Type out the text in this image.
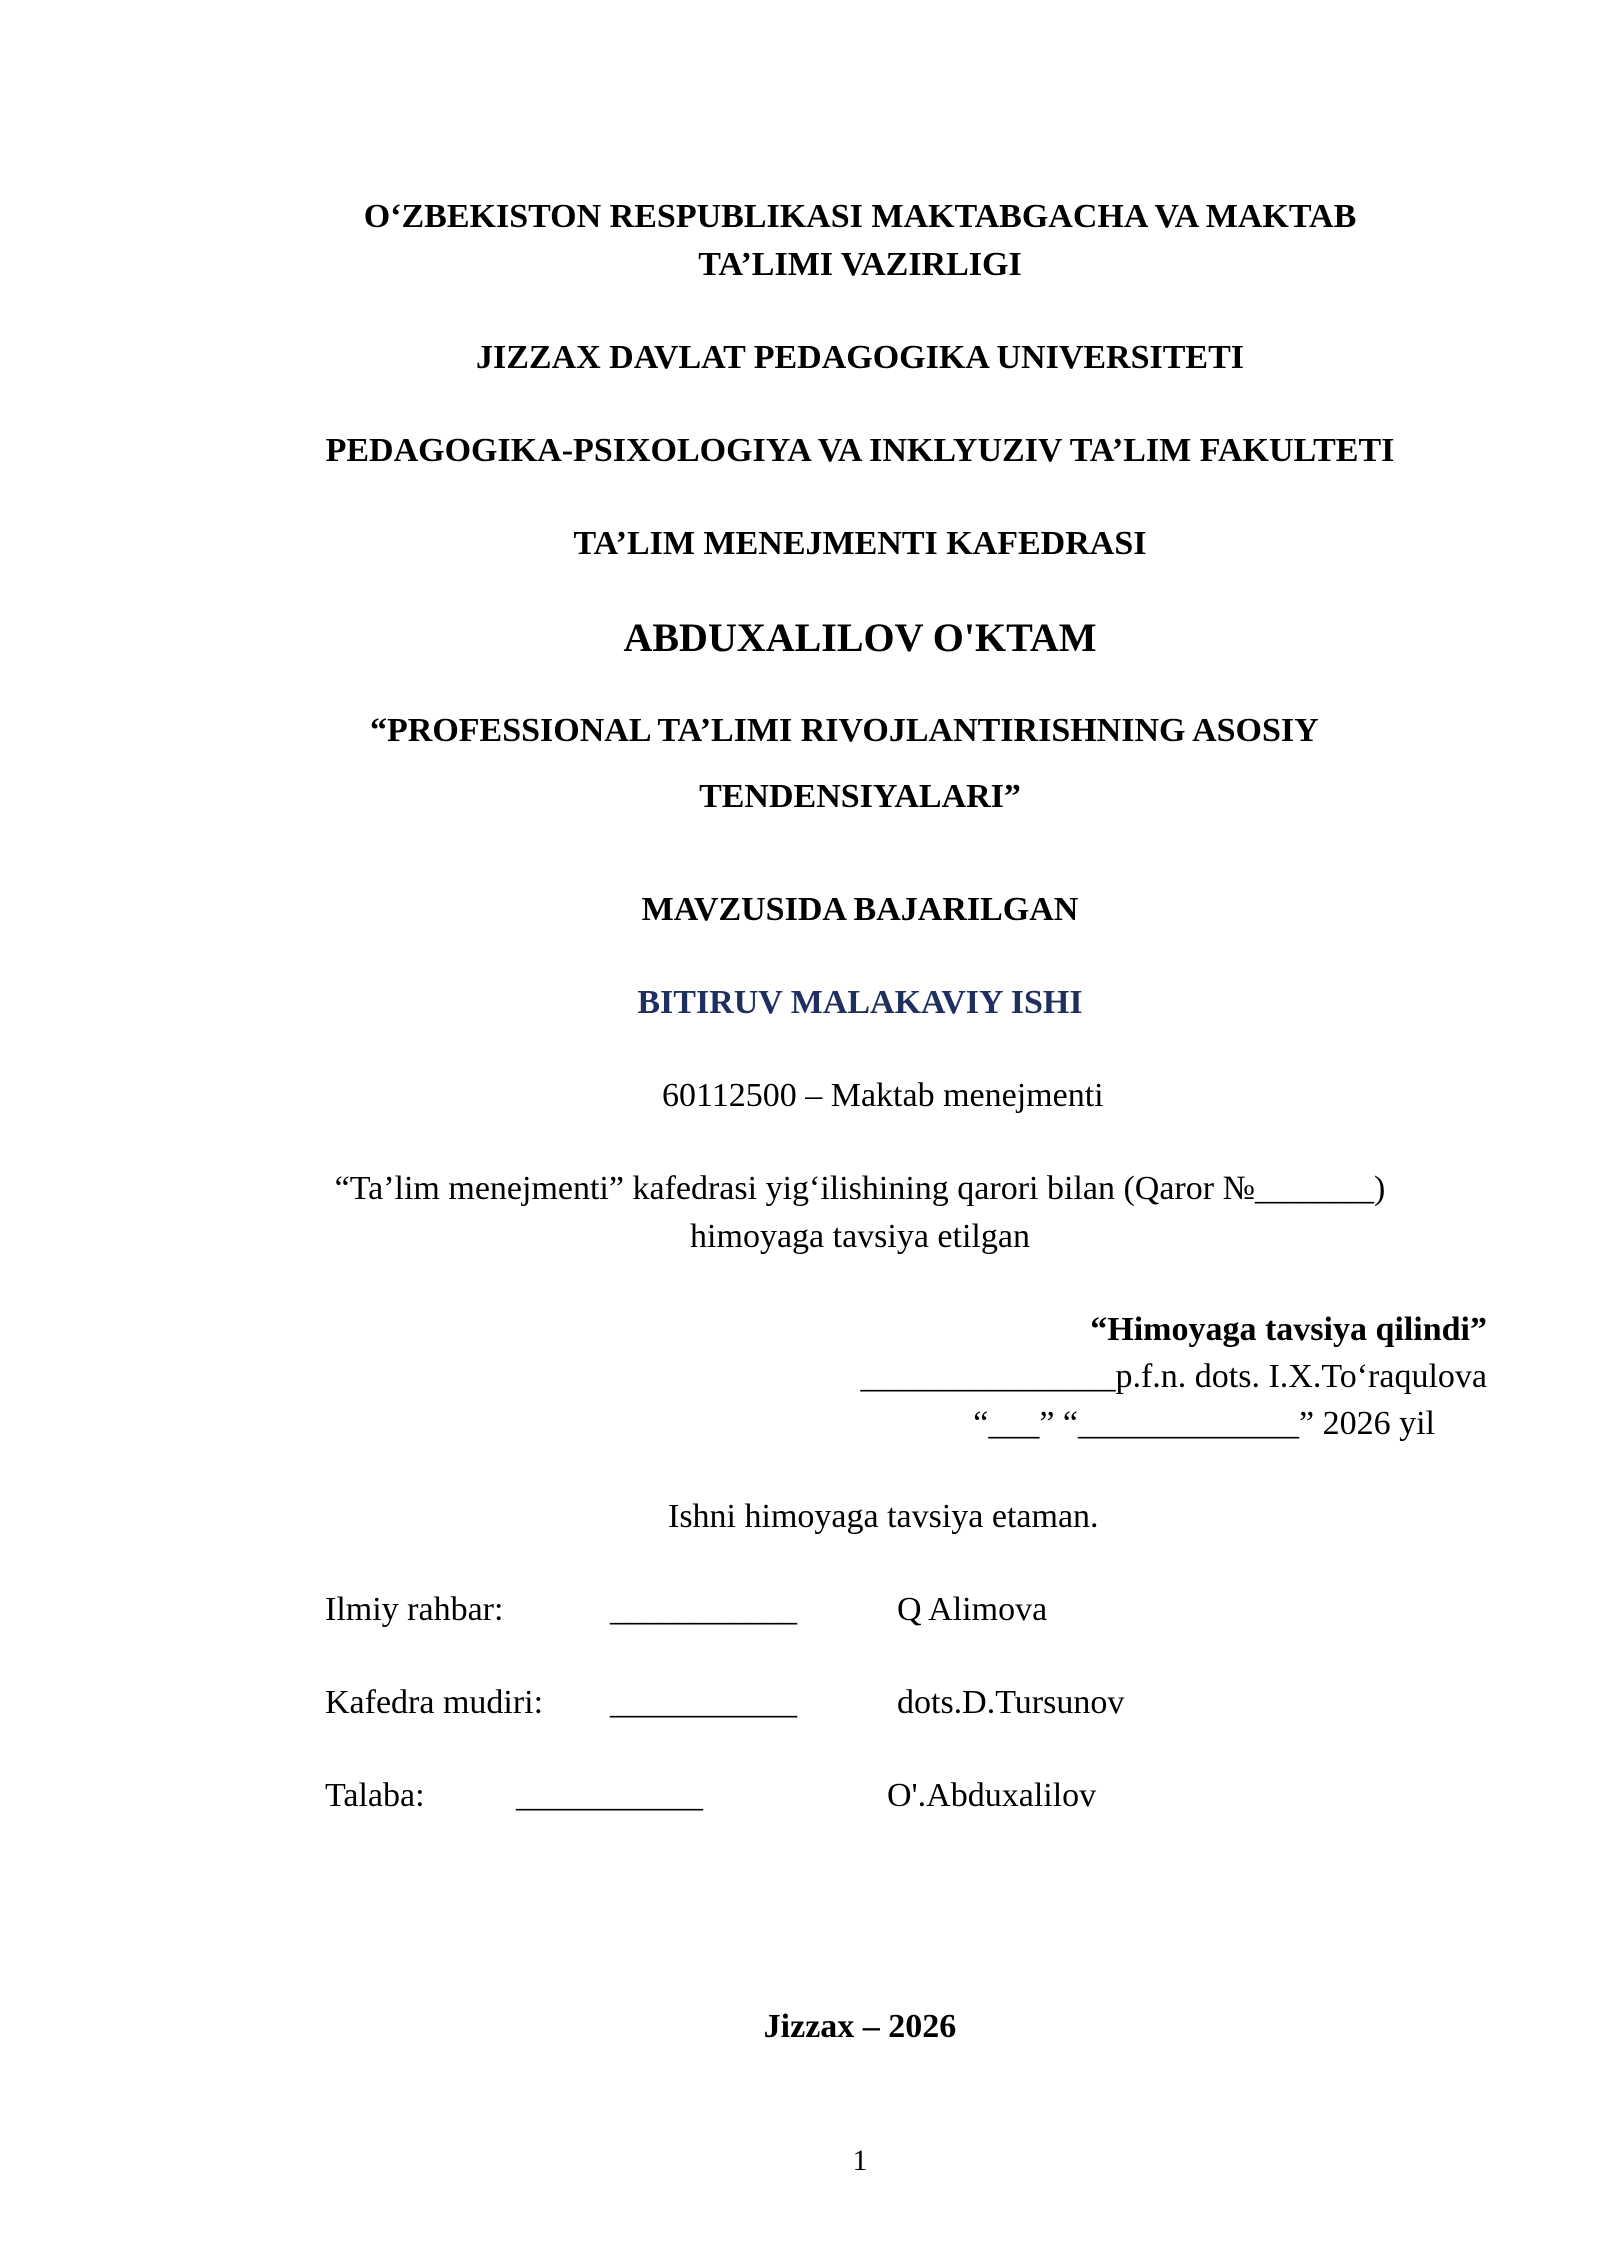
O‘ZBEKISTON RESPUBLIKASI MAKTABGACHA VA MAKTAB
TA’LIMI VAZIRLIGI
JIZZAX DAVLAT PEDAGOGIKA UNIVERSITETI
PEDAGOGIKA-PSIXOLOGIYA VA INKLYUZIV TA’LIM FAKULTETI
TA’LIM MENEJMENTI KAFEDRASI
ABDUXALILOV O'KTAM
“PROFESSIONAL TA’LIMI RIVOJLANTIRISHNING ASOSIY
TENDENSIYALARI”
MAVZUSIDA BAJARILGAN
BITIRUV MALAKAVIY ISHI
60112500 – Maktab menejmenti
“Ta’lim menejmenti” kafedrasi yig‘ilishining qarori bilan (Qaror №_______)
himoyaga tavsiya etilgan
“Himoyaga tavsiya qilindi”
_______________p.f.n. dots. I.X.To‘raqulova
“___” “_____________” 2026 yil
Ishni himoyaga tavsiya etaman.
Ilmiy rahbar:	___________	Q Alimova
Kafedra mudiri: ___________	dots.D.Tursunov
Talaba:	___________	O'.Abduxalilov
Jizzax – 2026
1
